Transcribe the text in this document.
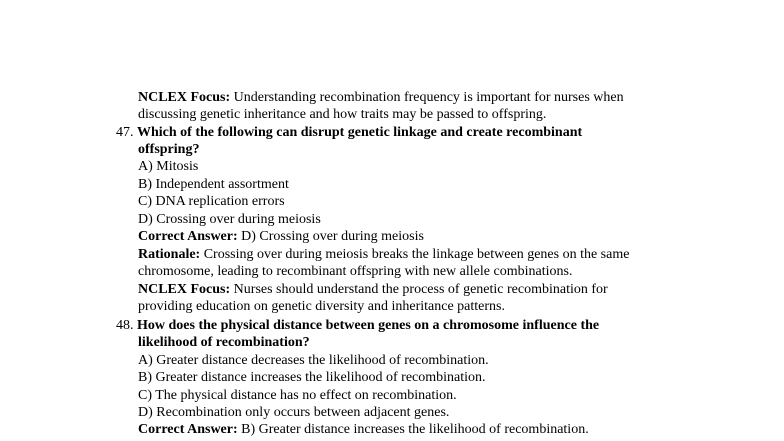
NCLEX Focus: Understanding recombination frequency is important for nurses when
discussing genetic inheritance and how traits may be passed to offspring.
47. Which of the following can disrupt genetic linkage and create recombinant
offspring?
A) Mitosis
B) Independent assortment
C) DNA replication errors
D) Crossing over during meiosis
Correct Answer: D) Crossing over during meiosis
Rationale: Crossing over during meiosis breaks the linkage between genes on the same
chromosome, leading to recombinant offspring with new allele combinations.
NCLEX Focus: Nurses should understand the process of genetic recombination for
providing education on genetic diversity and inheritance patterns.
48. How does the physical distance between genes on a chromosome influence the
likelihood of recombination?
A) Greater distance decreases the likelihood of recombination.
B) Greater distance increases the likelihood of recombination.
C) The physical distance has no effect on recombination.
D) Recombination only occurs between adjacent genes.
Correct Answer: B) Greater distance increases the likelihood of recombination.
